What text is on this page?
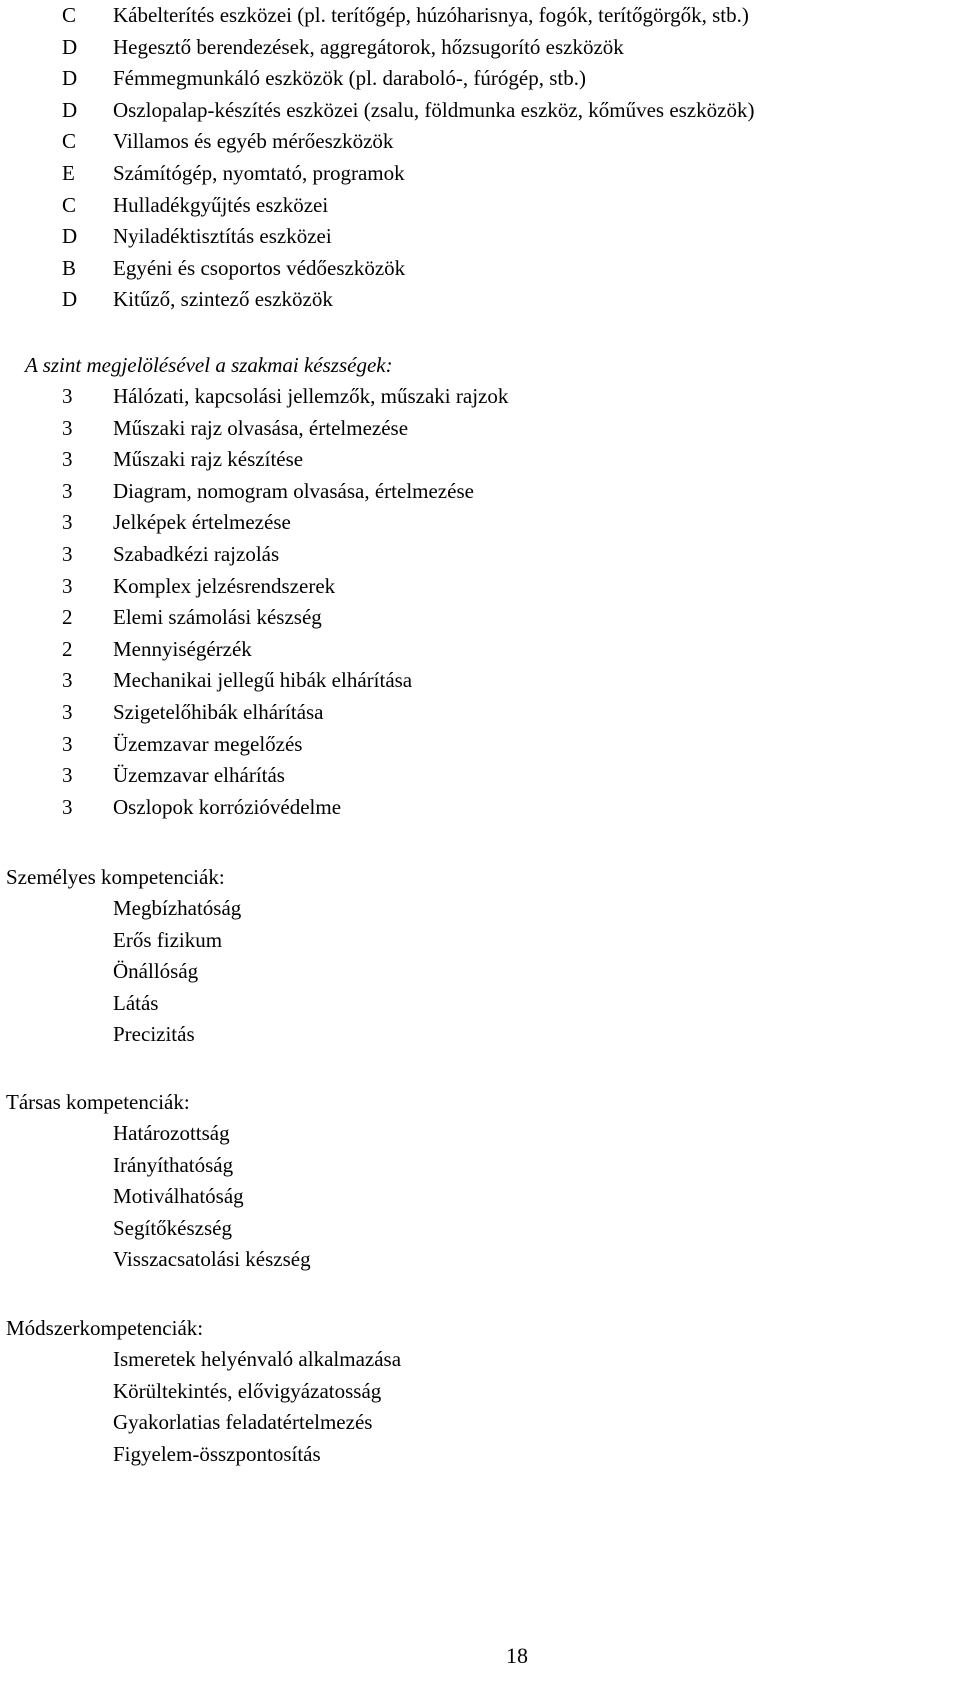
C	Kábelterítés eszközei (pl. terítőgép, húzóharisnya, fogók, terítőgörgők, stb.)
D	Hegesztő berendezések, aggregátorok, hőzsugorító eszközök
D	Fémmegmunkáló eszközök (pl. daraboló-, fúrógép, stb.)
D	Oszlopalap-készítés eszközei (zsalu, földmunka eszköz, kőműves eszközök)
C	Villamos és egyéb mérőeszközök
E	Számítógép, nyomtató, programok
C	Hulladékgyűjtés eszközei
D	Nyiladéktisztítás eszközei
B	Egyéni és csoportos védőeszközök
D	Kitűző, szintező eszközök
A szint megjelölésével a szakmai készségek:
3	Hálózati, kapcsolási jellemzők, műszaki rajzok
3	Műszaki rajz olvasása, értelmezése
3	Műszaki rajz készítése
3	Diagram, nomogram olvasása, értelmezése
3	Jelképek értelmezése
3	Szabadkézi rajzolás
3	Komplex jelzésrendszerek
2	Elemi számolási készség
2	Mennyiségérzék
3	Mechanikai jellegű hibák elhárítása
3	Szigetelőhibák elhárítása
3	Üzemzavar megelőzés
3	Üzemzavar elhárítás
3	Oszlopok korrózióvédelme
Személyes kompetenciák:
Megbízhatóság
Erős fizikum
Önállóság
Látás
Precizitás
Társas kompetenciák:
Határozottság
Irányíthatóság
Motiválhatóság
Segítőkészség
Visszacsatolási készség
Módszerkompetenciák:
Ismeretek helyénvaló alkalmazása
Körültekintés, elővigyázatosság
Gyakorlatias feladatértelmezés
Figyelem-összpontosítás
18
